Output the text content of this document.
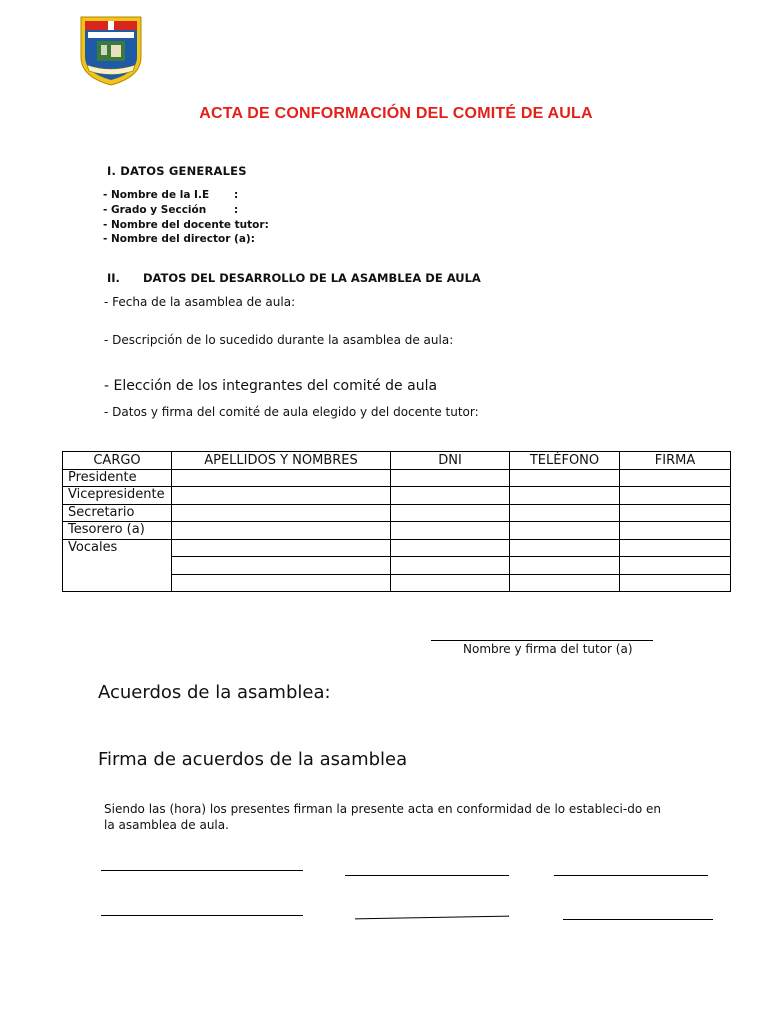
ACTA DE CONFORMACIÓN DEL COMITÉ DE AULA
I. DATOS GENERALES
- Nombre de la I.E :
- Grado y Sección	:
- Nombre del docente tutor:
- Nombre del director (a):
II. DATOS DEL DESARROLLO DE LA ASAMBLEA DE AULA
- Fecha de la asamblea de aula:
- Descripción de lo sucedido durante la asamblea de aula:
- Elección de los integrantes del comité de aula
- Datos y firma del comité de aula elegido y del docente tutor:
CARGO	APELLIDOS Y NOMBRES	DNI	TELÉFONO	FIRMA
Presidente				
Vicepresidente				
Secretario				
Tesorero (a)				
Vocales				

Nombre y firma del tutor (a)
Acuerdos de la asamblea:
Firma de acuerdos de la asamblea
Siendo las (hora) los presentes firman la presente acta en conformidad de lo estableci-do en la asamblea de aula.
